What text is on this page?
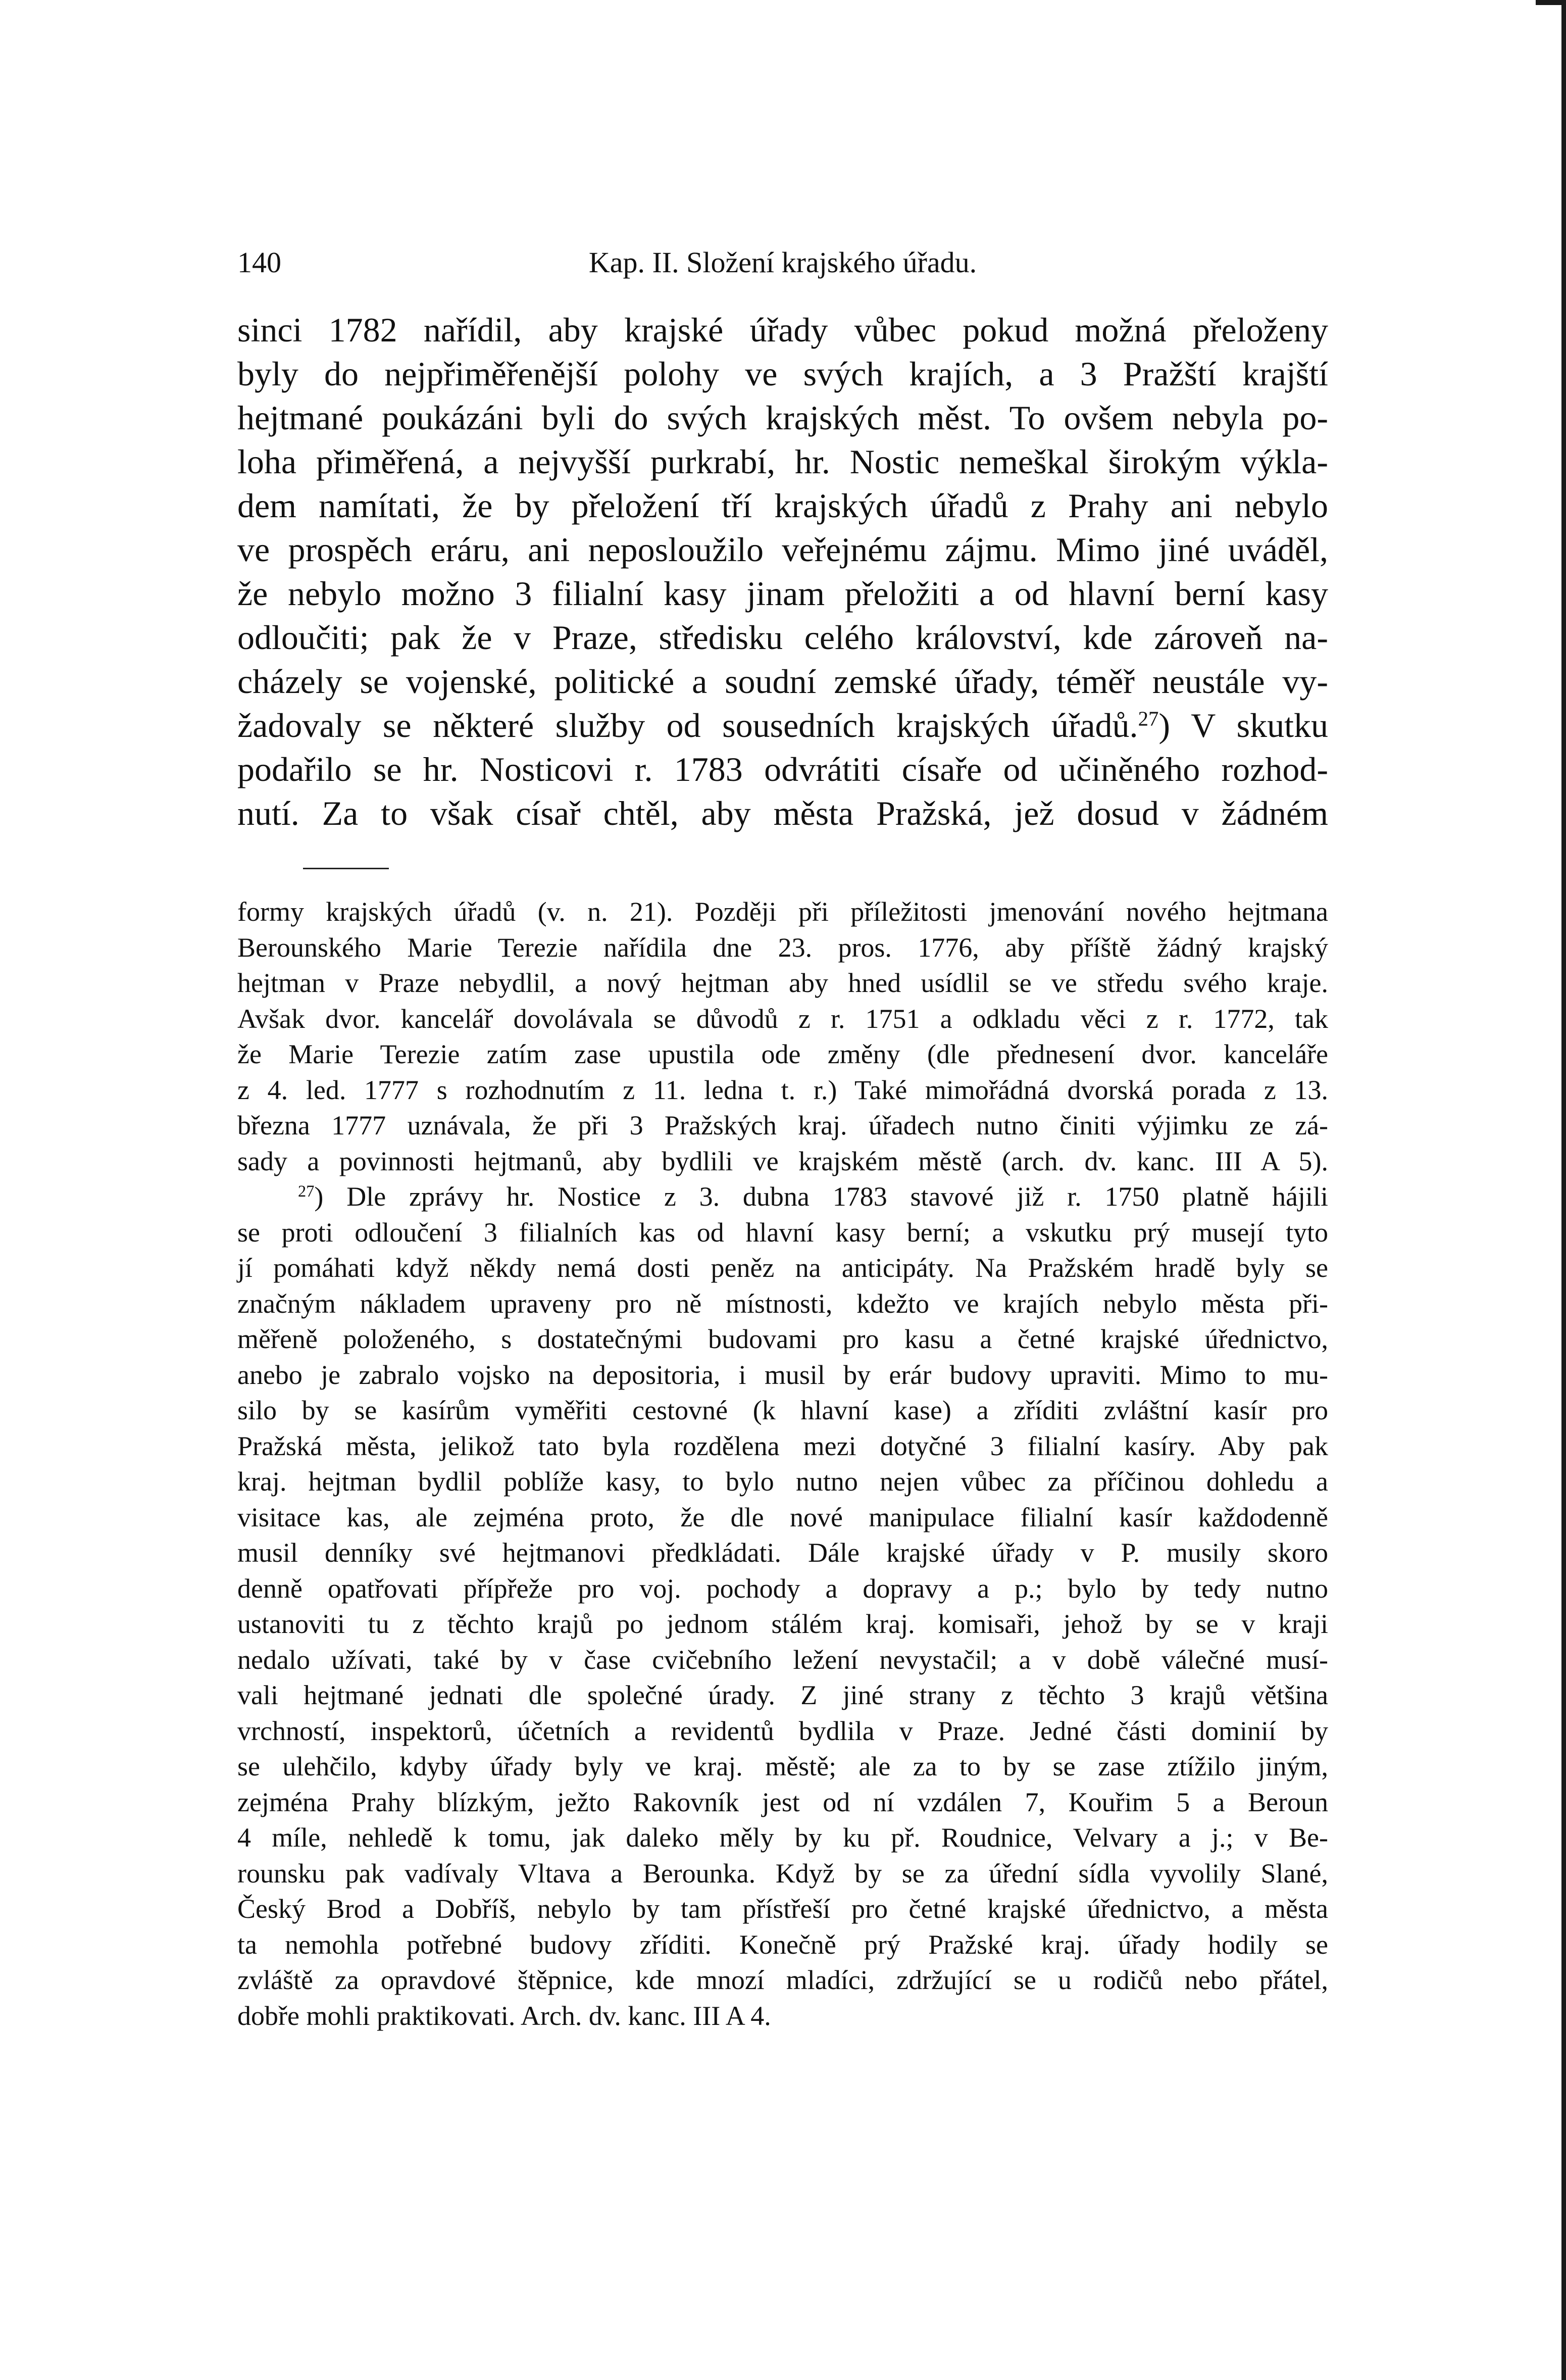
140	Kap. II. Složení krajského úřadu.
sinci 1782 nařídil, aby krajské úřady vůbec pokud možná přeloženy
byly do nejpřiměřenější polohy ve svých krajích, a 3 Pražští krajští
hejtmané poukázáni byli do svých krajských měst. To ovšem nebyla po-
loha přiměřená, a nejvyšší purkrabí, hr. Nostic nemeškal širokým výkla-
dem namítati, že by přeložení tří krajských úřadů z Prahy ani nebylo
ve prospěch eráru, ani neposloužilo veřejnému zájmu. Mimo jiné uváděl,
že nebylo možno 3 filialní kasy jinam přeložiti a od hlavní berní kasy
odloučiti; pak že v Praze, středisku celého království, kde zároveň na-
cházely se vojenské, politické a soudní zemské úřady, téměř neustále vy-
žadovaly se některé služby od sousedních krajských úřadů.$^{27}$) V skutku
podařilo se hr. Nosticovi r. 1783 odvrátiti císaře od učiněného rozhod-
nutí. Za to však císař chtěl, aby města Pražská, jež dosud v žádném
formy krajských úřadů (v. n. 21). Později při příležitosti jmenování nového hejtmana
Berounského Marie Terezie nařídila dne 23. pros. 1776, aby příště žádný krajský
hejtman v Praze nebydlil, a nový hejtman aby hned usídlil se ve středu svého kraje.
Avšak dvor. kancelář dovolávala se důvodů z r. 1751 a odkladu věci z r. 1772, tak
že Marie Terezie zatím zase upustila ode změny (dle přednesení dvor. kanceláře
z 4. led. 1777 s rozhodnutím z 11. ledna t. r.) Také mimořádná dvorská porada z 13.
března 1777 uznávala, že při 3 Pražských kraj. úřadech nutno činiti výjimku ze zá-
sady a povinnosti hejtmanů, aby bydlili ve krajském městě (arch. dv. kanc. III A 5).
$^{27}$) Dle zprávy hr. Nostice z 3. dubna 1783 stavové již r. 1750 platně hájili
se proti odloučení 3 filialních kas od hlavní kasy berní; a vskutku prý musejí tyto
jí pomáhati když někdy nemá dosti peněz na anticipáty. Na Pražském hradě byly se
značným nákladem upraveny pro ně místnosti, kdežto ve krajích nebylo města při-
měřeně položeného, s dostatečnými budovami pro kasu a četné krajské úřednictvo,
anebo je zabralo vojsko na depositoria, i musil by erár budovy upraviti. Mimo to mu-
silo by se kasírům vyměřiti cestovné (k hlavní kase) a zříditi zvláštní kasír pro
Pražská města, jelikož tato byla rozdělena mezi dotyčné 3 filialní kasíry. Aby pak
kraj. hejtman bydlil poblíže kasy, to bylo nutno nejen vůbec za příčinou dohledu a
visitace kas, ale zejména proto, že dle nové manipulace filialní kasír každodenně
musil denníky své hejtmanovi předkládati. Dále krajské úřady v P. musily skoro
denně opatřovati přípřeže pro voj. pochody a dopravy a p.; bylo by tedy nutno
ustanoviti tu z těchto krajů po jednom stálém kraj. komisaři, jehož by se v kraji
nedalo užívati, také by v čase cvičebního ležení nevystačil; a v době válečné musí-
vali hejtmané jednati dle společné úrady. Z jiné strany z těchto 3 krajů většina
vrchností, inspektorů, účetních a revidentů bydlila v Praze. Jedné části dominií by
se ulehčilo, kdyby úřady byly ve kraj. městě; ale za to by se zase ztížilo jiným,
zejména Prahy blízkým, ježto Rakovník jest od ní vzdálen 7, Kouřim 5 a Beroun
4 míle, nehledě k tomu, jak daleko měly by ku př. Roudnice, Velvary a j.; v Be-
rounsku pak vadívaly Vltava a Berounka. Když by se za úřední sídla vyvolily Slané,
Český Brod a Dobříš, nebylo by tam přístřeší pro četné krajské úřednictvo, a města
ta nemohla potřebné budovy zříditi. Konečně prý Pražské kraj. úřady hodily se
zvláště za opravdové štěpnice, kde mnozí mladíci, zdržující se u rodičů nebo přátel,
dobře mohli praktikovati. Arch. dv. kanc. III A 4.
